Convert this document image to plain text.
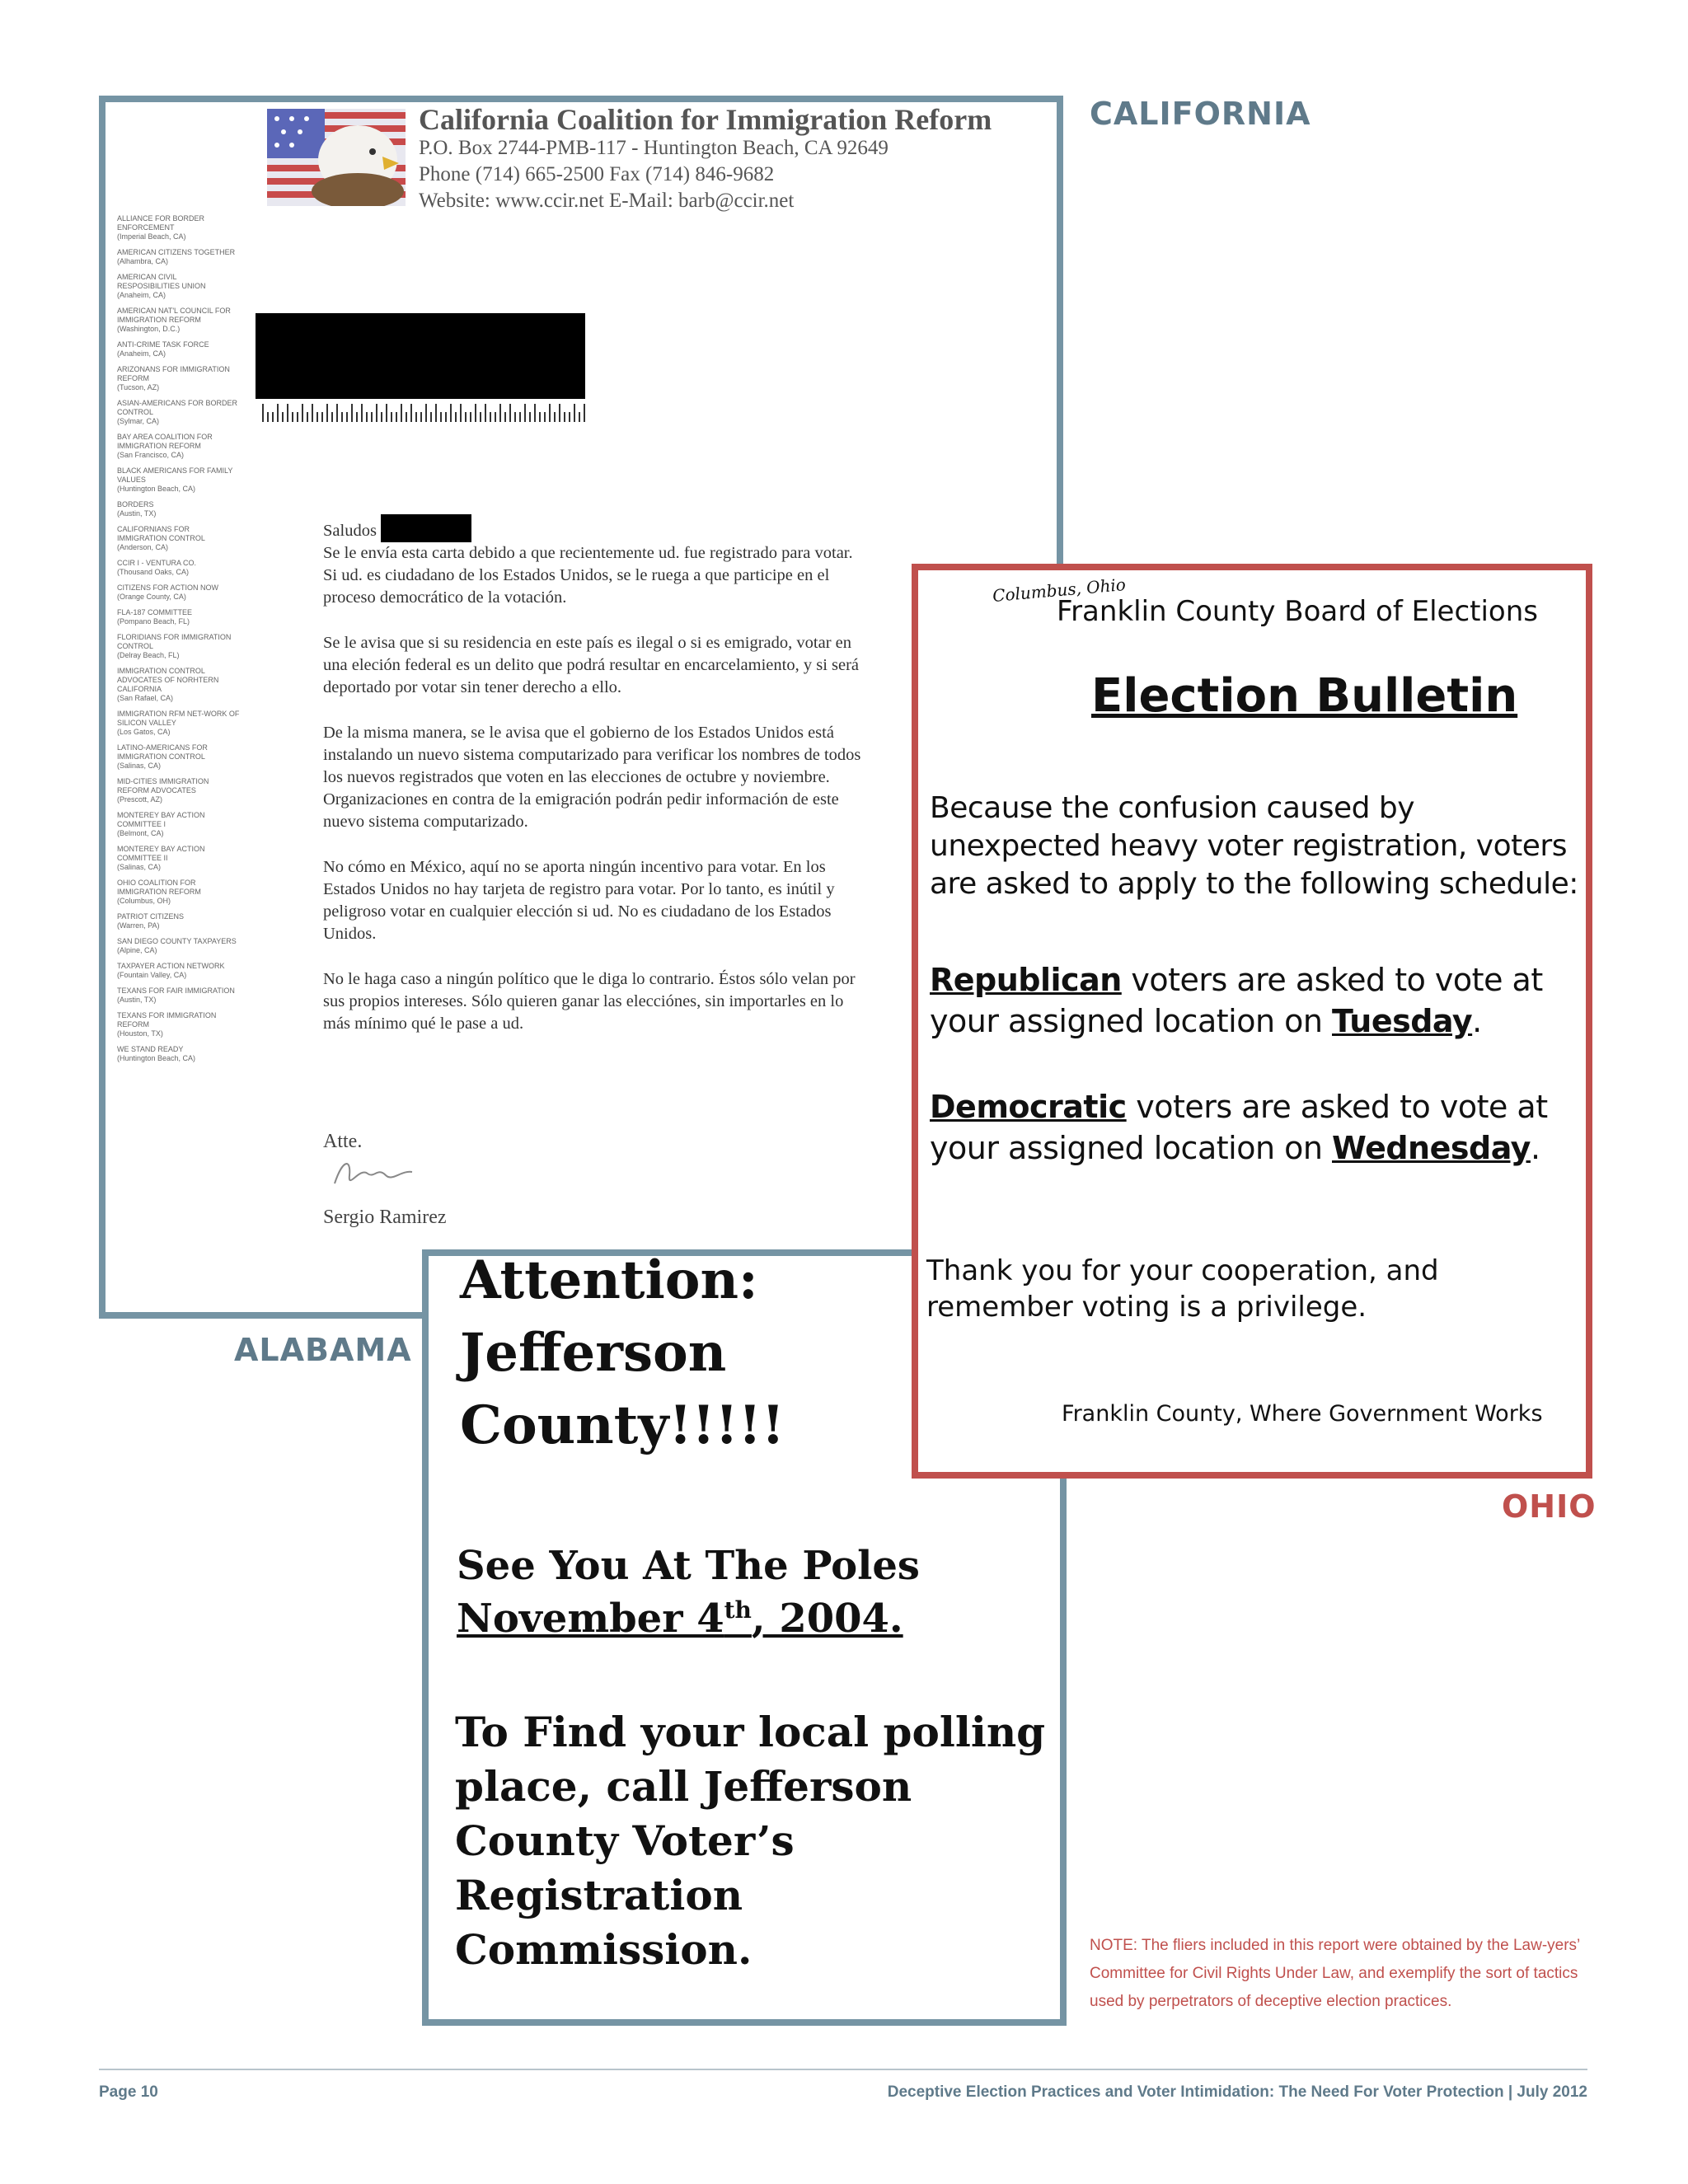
CALIFORNIA
ALABAMA
OHIO
California Coalition for Immigration Reform
P.O. Box 2744-PMB-117 - Huntington Beach, CA 92649
Phone (714) 665-2500 Fax (714) 846-9682
Website: www.ccir.net E-Mail: barb@ccir.net
ALLIANCE FOR BORDER ENFORCEMENT
(Imperial Beach, CA)
AMERICAN CITIZENS TOGETHER
(Alhambra, CA)
AMERICAN CIVIL RESPOSIBILITIES UNION
(Anaheim, CA)
AMERICAN NAT'L COUNCIL FOR IMMIGRATION REFORM
(Washington, D.C.)
ANTI-CRIME TASK FORCE
(Anaheim, CA)
ARIZONANS FOR IMMIGRATION REFORM
(Tucson, AZ)
ASIAN-AMERICANS FOR BORDER CONTROL
(Sylmar, CA)
BAY AREA COALITION FOR IMMIGRATION REFORM
(San Francisco, CA)
BLACK AMERICANS FOR FAMILY VALUES
(Huntington Beach, CA)
BORDERS
(Austin, TX)
CALIFORNIANS FOR IMMIGRATION CONTROL
(Anderson, CA)
CCIR I - VENTURA CO.
(Thousand Oaks, CA)
CITIZENS FOR ACTION NOW
(Orange County, CA)
FLA-187 COMMITTEE
(Pompano Beach, FL)
FLORIDIANS FOR IMMIGRATION CONTROL
(Delray Beach, FL)
IMMIGRATION CONTROL ADVOCATES OF NORHTERN CALIFORNIA
(San Rafael, CA)
IMMIGRATION RFM NET-WORK OF SILICON VALLEY
(Los Gatos, CA)
LATINO-AMERICANS FOR IMMIGRATION CONTROL
(Salinas, CA)
MID-CITIES IMMIGRATION REFORM ADVOCATES
(Prescott, AZ)
MONTEREY BAY ACTION COMMITTEE I
(Belmont, CA)
MONTEREY BAY ACTION COMMITTEE II
(Salinas, CA)
OHIO COALITION FOR IMMIGRATION REFORM
(Columbus, OH)
PATRIOT CITIZENS
(Warren, PA)
SAN DIEGO COUNTY TAXPAYERS
(Alpine, CA)
TAXPAYER ACTION NETWORK
(Fountain Valley, CA)
TEXANS FOR FAIR IMMIGRATION
(Austin, TX)
TEXANS FOR IMMIGRATION REFORM
(Houston, TX)
WE STAND READY
(Huntington Beach, CA)

Saludos

Se le envía esta carta debido a que recientemente ud. fue registrado para votar. Si ud. es ciudadano de los Estados Unidos, se le ruega a que participe en el proceso democrático de la votación.

Se le avisa que si su residencia en este país es ilegal o si es emigrado, votar en una eleción federal es un delito que podrá resultar en encarcelamiento, y si será deportado por votar sin tener derecho a ello.

De la misma manera, se le avisa que el gobierno de los Estados Unidos está instalando un nuevo sistema computarizado para verificar los nombres de todos los nuevos registrados que voten en las elecciones de octubre y noviembre. Organizaciones en contra de la emigración podrán pedir información de este nuevo sistema computarizado.

No cómo en México, aquí no se aporta ningún incentivo para votar. En los Estados Unidos no hay tarjeta de registro para votar. Por lo tanto, es inútil y peligroso votar en cualquier elección si ud. No es ciudadano de los Estados Unidos.

No le haga caso a ningún político que le diga lo contrario. Éstos sólo velan por sus propios intereses. Sólo quieren ganar las elecciónes, sin importarles en lo más mínimo qué le pase a ud.

Atte.
Sergio Ramirez
Attention:
Jefferson
County!!!!!
See You At The Poles
November 4th, 2004.
To Find your local polling
place, call Jefferson
County Voter’s
Registration
Commission.
Columbus, Ohio
Franklin County Board of Elections
Election Bulletin
Because the confusion caused by unexpected heavy voter registration, voters are asked to apply to the following schedule:
Republican voters are asked to vote at your assigned location on Tuesday.
Democratic voters are asked to vote at your assigned location on Wednesday.
Thank you for your cooperation, and remember voting is a privilege.
Franklin County, Where Government Works
NOTE: The fliers included in this report were obtained by the Law-yers’ Committee for Civil Rights Under Law, and exemplify the sort of tactics used by perpetrators of deceptive election practices.
Page 10	Deceptive Election Practices and Voter Intimidation: The Need For Voter Protection | July 2012
